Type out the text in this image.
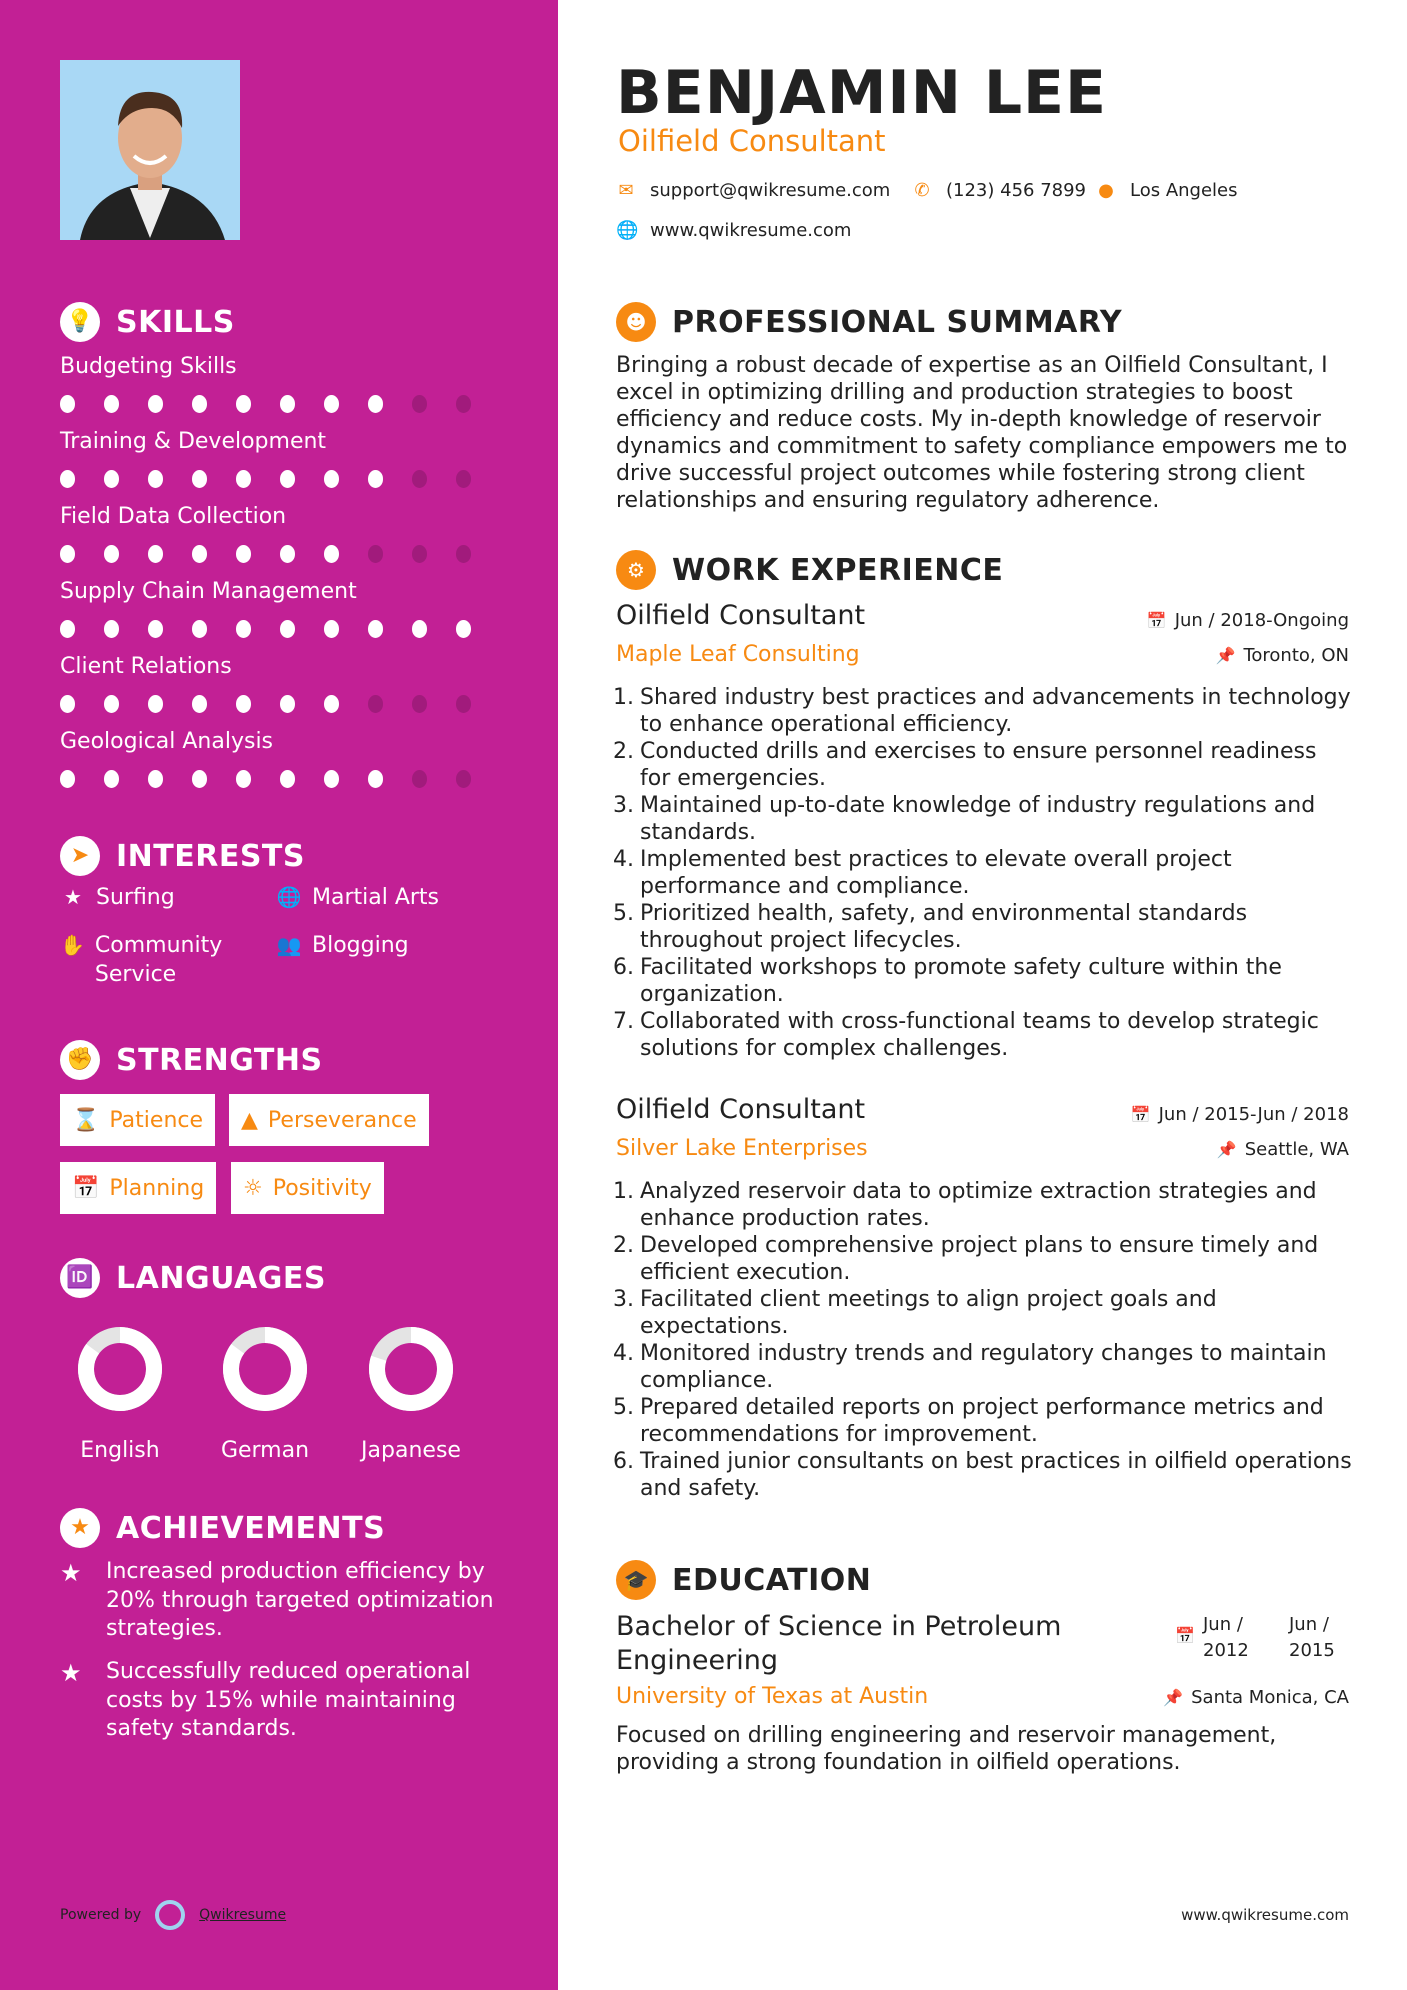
💡 SKILLS
Budgeting Skills
Training & Development
Field Data Collection
Supply Chain Management
Client Relations
Geological Analysis
➤ INTERESTS
★ Surfing	🌐 Martial Arts
✋ Community Service
👥 Blogging
✊ STRENGTHS
⌛ Patience ▲ Perseverance
📅 Planning ☼ Positivity
🆔 LANGUAGES
English	German	Japanese
★ ACHIEVEMENTS
★	Increased production efficiency by 20% through targeted optimization strategies.
★	Successfully reduced operational costs by 15% while maintaining safety standards.
Powered by	Qwikresume
BENJAMIN LEE
Oilfield Consultant
✉ support@qwikresume.com ✆ (123) 456 7899 ● Los Angeles
🌐 www.qwikresume.com
☻ PROFESSIONAL SUMMARY
Bringing a robust decade of expertise as an Oilfield Consultant, I excel in optimizing drilling and production strategies to boost efficiency and reduce costs. My in-depth knowledge of reservoir dynamics and commitment to safety compliance empowers me to drive successful project outcomes while fostering strong client relationships and ensuring regulatory adherence.
⚙ WORK EXPERIENCE
Oilfield Consultant	📅 Jun / 2018-Ongoing
Maple Leaf Consulting	📌 Toronto, ON
1. Shared industry best practices and advancements in technology to enhance operational efficiency.
2. Conducted drills and exercises to ensure personnel readiness for emergencies.
3. Maintained up-to-date knowledge of industry regulations and standards.
4. Implemented best practices to elevate overall project performance and compliance.
5. Prioritized health, safety, and environmental standards throughout project lifecycles.
6. Facilitated workshops to promote safety culture within the organization.
7. Collaborated with cross-functional teams to develop strategic solutions for complex challenges.
Oilfield Consultant	📅 Jun / 2015-Jun / 2018
Silver Lake Enterprises	📌 Seattle, WA
1. Analyzed reservoir data to optimize extraction strategies and enhance production rates.
2. Developed comprehensive project plans to ensure timely and efficient execution.
3. Facilitated client meetings to align project goals and expectations.
4. Monitored industry trends and regulatory changes to maintain compliance.
5. Prepared detailed reports on project performance metrics and recommendations for improvement.
6. Trained junior consultants on best practices in oilfield operations and safety.
🎓 EDUCATION
Bachelor of Science in Petroleum Engineering
📅
Jun / 2012
Jun / 2015
University of Texas at Austin	📌 Santa Monica, CA
Focused on drilling engineering and reservoir management, providing a strong foundation in oilfield operations.
www.qwikresume.com
